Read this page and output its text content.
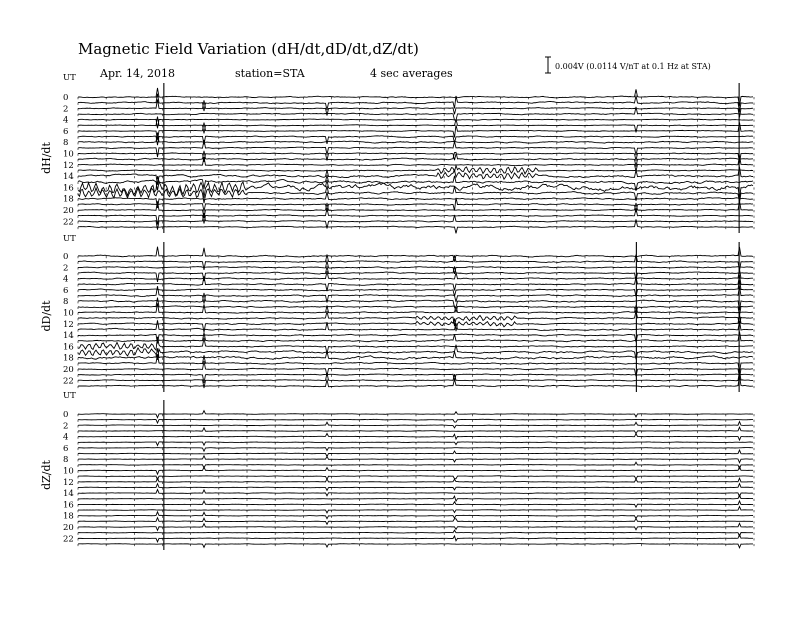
Magnetic Field Variation (dH/dt,dD/dt,dZ/dt)
Apr. 14, 2018	station=STA	4 sec averages
0.004V (0.0114 V/nT at 0.1 Hz at STA)
UT
dH/dt
0
2
4
6
8
10
12
14
16
18
20
22
UT
dD/dt
0
2
4
6
8
10
12
14
16
18
20
22
UT
dZ/dt
0
2
4
6
8
10
12
14
16
18
20
22
